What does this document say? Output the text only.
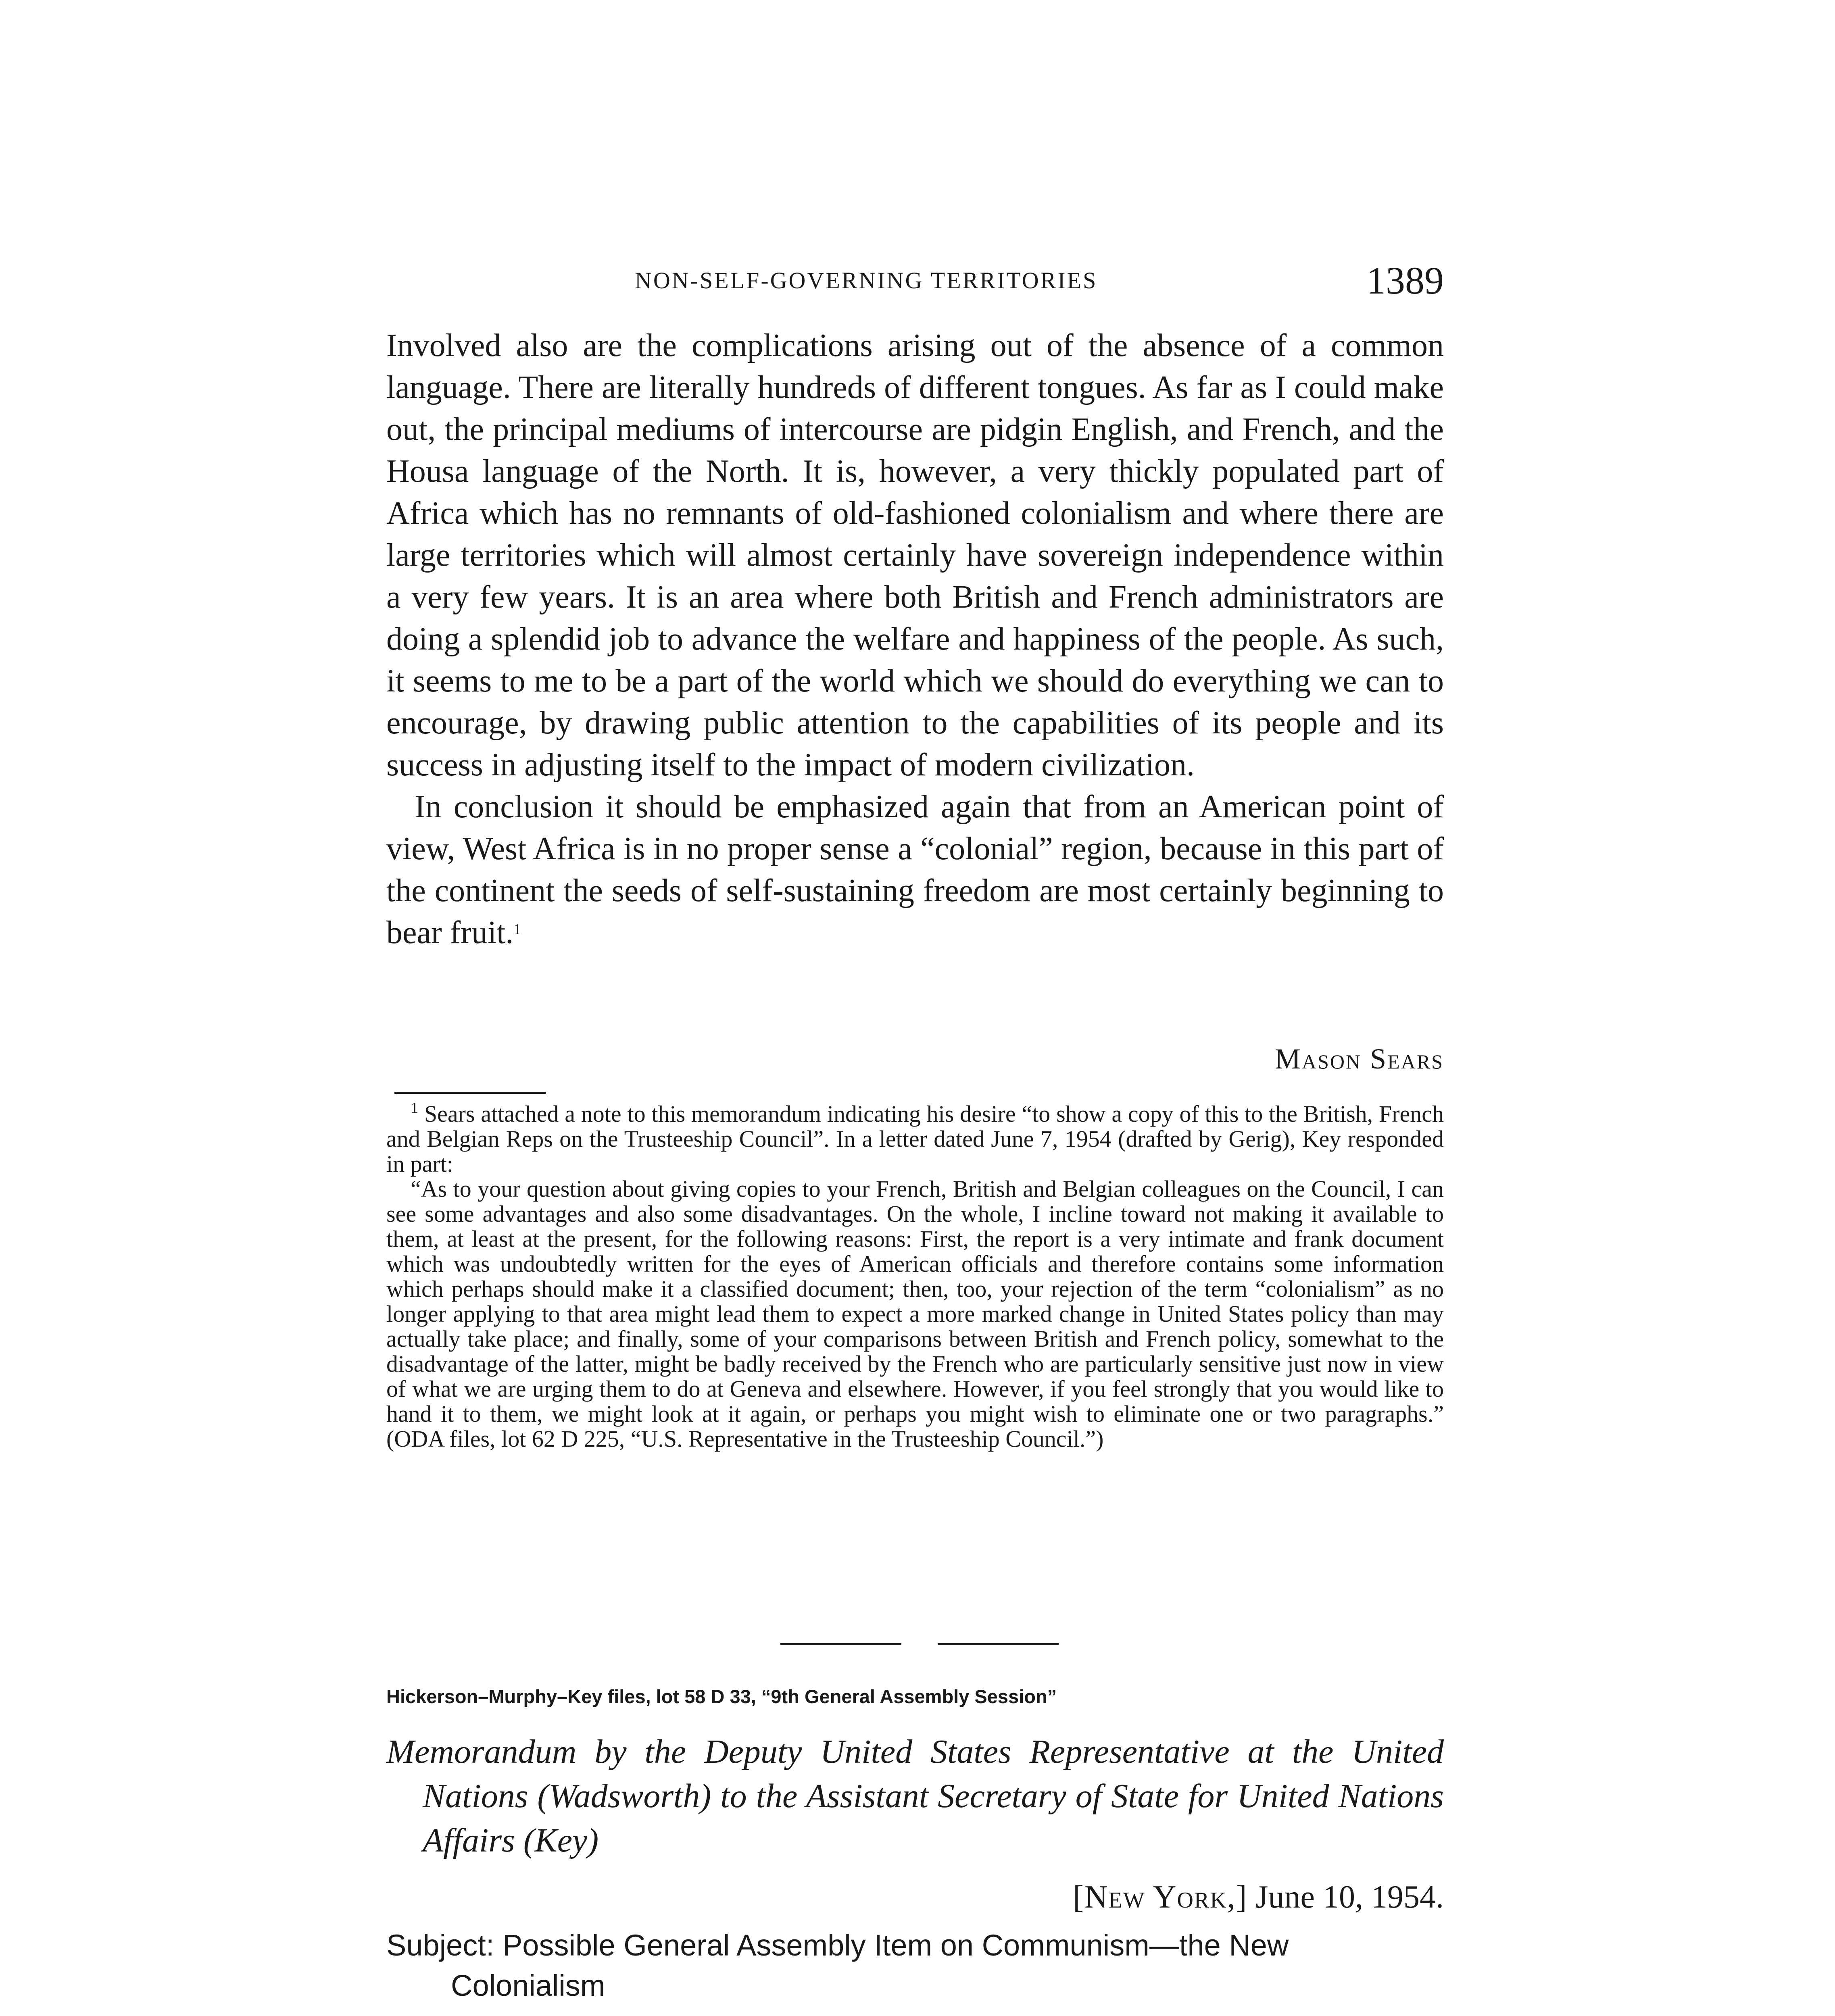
NON-SELF-GOVERNING TERRITORIES	1389

Involved also are the complications arising out of the absence of a common language. There are literally hundreds of different tongues. As far as I could make out, the principal mediums of intercourse are pidgin English, and French, and the Housa language of the North. It is, however, a very thickly populated part of Africa which has no remnants of old-fashioned colonialism and where there are large territories which will almost certainly have sovereign independence within a very few years. It is an area where both British and French administrators are doing a splendid job to advance the welfare and happiness of the people. As such, it seems to me to be a part of the world which we should do everything we can to encourage, by drawing public attention to the capabilities of its people and its success in adjusting itself to the impact of modern civilization.

In conclusion it should be emphasized again that from an American point of view, West Africa is in no proper sense a “colonial” region, because in this part of the continent the seeds of self-sustaining freedom are most certainly beginning to bear fruit.$^1$

Mason Sears

$^1$ Sears attached a note to this memorandum indicating his desire “to show a copy of this to the British, French and Belgian Reps on the Trusteeship Council”. In a letter dated June 7, 1954 (drafted by Gerig), Key responded in part:

“As to your question about giving copies to your French, British and Belgian colleagues on the Council, I can see some advantages and also some disadvantages. On the whole, I incline toward not making it available to them, at least at the present, for the following reasons: First, the report is a very intimate and frank document which was undoubtedly written for the eyes of American officials and therefore contains some information which perhaps should make it a classified document; then, too, your rejection of the term “colonialism” as no longer applying to that area might lead them to expect a more marked change in United States policy than may actually take place; and finally, some of your comparisons between British and French policy, somewhat to the disadvantage of the latter, might be badly received by the French who are particularly sensitive just now in view of what we are urging them to do at Geneva and elsewhere. However, if you feel strongly that you would like to hand it to them, we might look at it again, or perhaps you might wish to eliminate one or two paragraphs.” (ODA files, lot 62 D 225, “U.S. Representative in the Trusteeship Council.”)

Hickerson–Murphy–Key files, lot 58 D 33, “9th General Assembly Session”

Memorandum by the Deputy United States Representative at the United Nations (Wadsworth) to the Assistant Secretary of State for United Nations Affairs (Key)

[New York,] June 10, 1954.

Subject: Possible General Assembly Item on Communism—the New Colonialism
